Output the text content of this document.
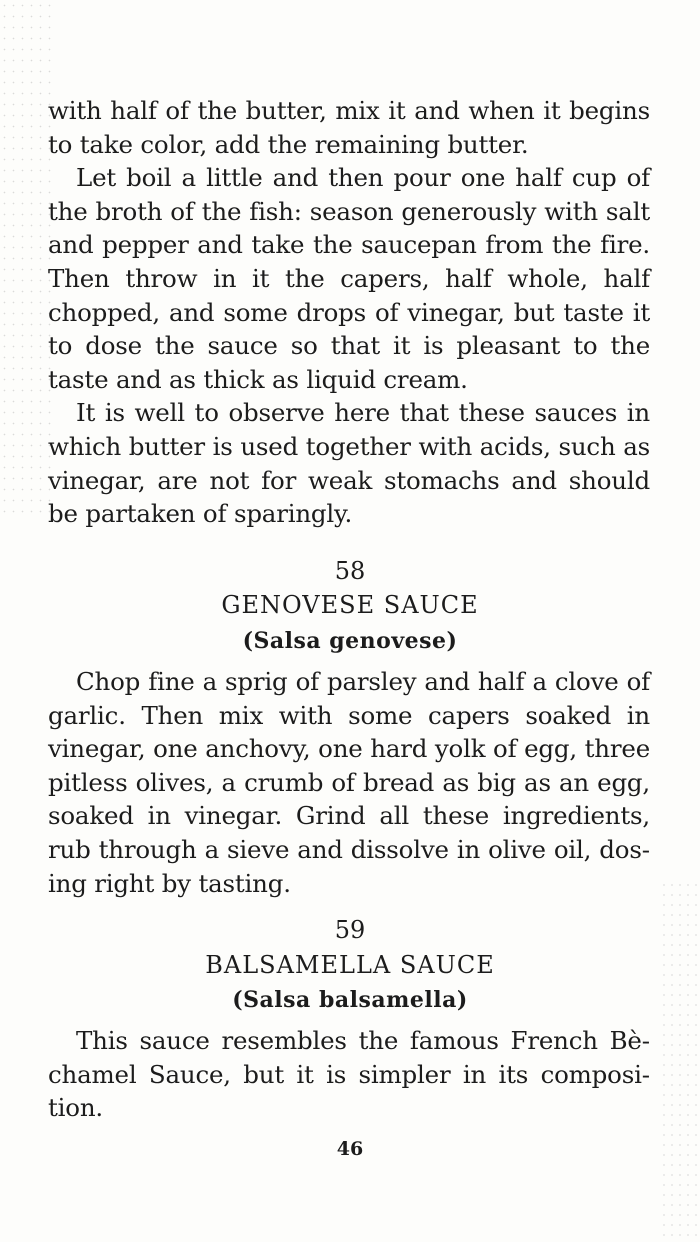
with half of the butter, mix it and when it begins to take color, add the remaining butter.

Let boil a little and then pour one half cup of the broth of the fish: season generously with salt and pepper and take the saucepan from the fire. Then throw in it the capers, half whole, half chopped, and some drops of vinegar, but taste it to dose the sauce so that it is pleasant to the taste and as thick as liquid cream.

It is well to observe here that these sauces in which butter is used together with acids, such as vinegar, are not for weak stomachs and should be partaken of sparingly.

58
GENOVESE SAUCE
(Salsa genovese)

Chop fine a sprig of parsley and half a clove of garlic. Then mix with some capers soaked in vinegar, one anchovy, one hard yolk of egg, three pitless olives, a crumb of bread as big as an egg, soaked in vinegar. Grind all these ingredients, rub through a sieve and dissolve in olive oil, dosing right by tasting.

59
BALSAMELLA SAUCE
(Salsa balsamella)

This sauce resembles the famous French Bèchamel Sauce, but it is simpler in its composition.

46
